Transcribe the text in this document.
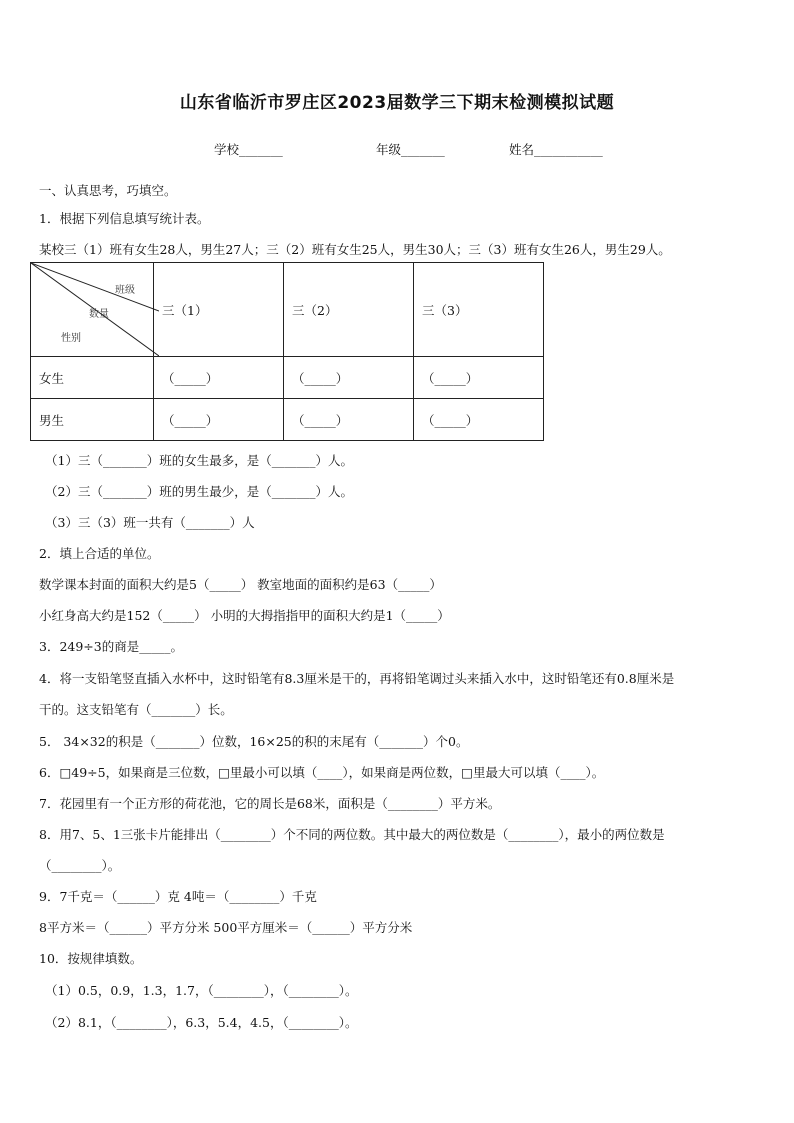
山东省临沂市罗庄区2023届数学三下期末检测模拟试题
学校_______	年级_______	姓名___________
一、认真思考，巧填空。
1．根据下列信息填写统计表。
某校三（1）班有女生28人，男生27人；三（2）班有女生25人，男生30人；三（3）班有女生26人，男生29人。
班级
数量
性别	三（1）	三（2）	三（3）
女生	（_____）	（_____）	（_____）
男生	（_____）	（_____）	（_____）
（1）三（_______）班的女生最多，是（_______）人。
（2）三（_______）班的男生最少，是（_______）人。
（3）三（3）班一共有（_______）人
2．填上合适的单位。
数学课本封面的面积大约是5（_____） 教室地面的面积约是63（_____）
小红身高大约是152（_____） 小明的大拇指指甲的面积大约是1（_____）
3．249÷3的商是_____。
4．将一支铅笔竖直插入水杯中，这时铅笔有8.3厘米是干的，再将铅笔调过头来插入水中，这时铅笔还有0.8厘米是
干的。这支铅笔有（_______）长。
5． 34×32的积是（_______）位数，16×25的积的末尾有（_______）个0。
6．□49÷5，如果商是三位数，□里最小可以填（____），如果商是两位数，□里最大可以填（____）。
7．花园里有一个正方形的荷花池，它的周长是68米，面积是（________）平方米。
8．用7、5、1三张卡片能排出（________）个不同的两位数。其中最大的两位数是（________），最小的两位数是
（________）。
9．7千克＝（______）克 4吨＝（________）千克
8平方米＝（______）平方分米 500平方厘米＝（______）平方分米
10．按规律填数。
（1）0.5，0.9，1.3，1.7，（________），（________）。
（2）8.1，（________），6.3，5.4，4.5，（________）。
